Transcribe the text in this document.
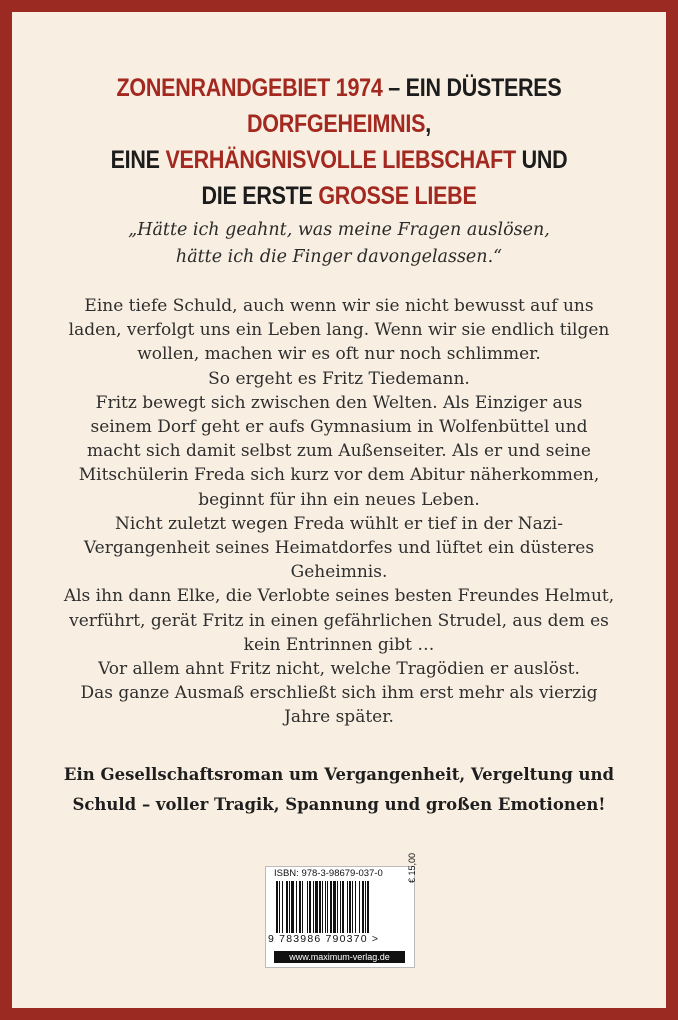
ZONENRANDGEBIET 1974 – EIN DÜSTERES DORFGEHEIMNIS,
EINE VERHÄNGNISVOLLE LIEBSCHAFT UND
DIE ERSTE GROSSE LIEBE
„Hätte ich geahnt, was meine Fragen auslösen,
hätte ich die Finger davongelassen.“
Eine tiefe Schuld, auch wenn wir sie nicht bewusst auf uns
laden, verfolgt uns ein Leben lang. Wenn wir sie endlich tilgen
wollen, machen wir es oft nur noch schlimmer.
So ergeht es Fritz Tiedemann.
Fritz bewegt sich zwischen den Welten. Als Einziger aus
seinem Dorf geht er aufs Gymnasium in Wolfenbüttel und
macht sich damit selbst zum Außenseiter. Als er und seine
Mitschülerin Freda sich kurz vor dem Abitur näherkommen,
beginnt für ihn ein neues Leben.
Nicht zuletzt wegen Freda wühlt er tief in der Nazi-
Vergangenheit seines Heimatdorfes und lüftet ein düsteres
Geheimnis.
Als ihn dann Elke, die Verlobte seines besten Freundes Helmut,
verführt, gerät Fritz in einen gefährlichen Strudel, aus dem es
kein Entrinnen gibt …
Vor allem ahnt Fritz nicht, welche Tragödien er auslöst.
Das ganze Ausmaß erschließt sich ihm erst mehr als vierzig
Jahre später.
Ein Gesellschaftsroman um Vergangenheit, Vergeltung und
Schuld – voller Tragik, Spannung und großen Emotionen!
ISBN: 978-3-98679-037-0
9 783986 790370 >
€ 15,00
www.maximum-verlag.de
